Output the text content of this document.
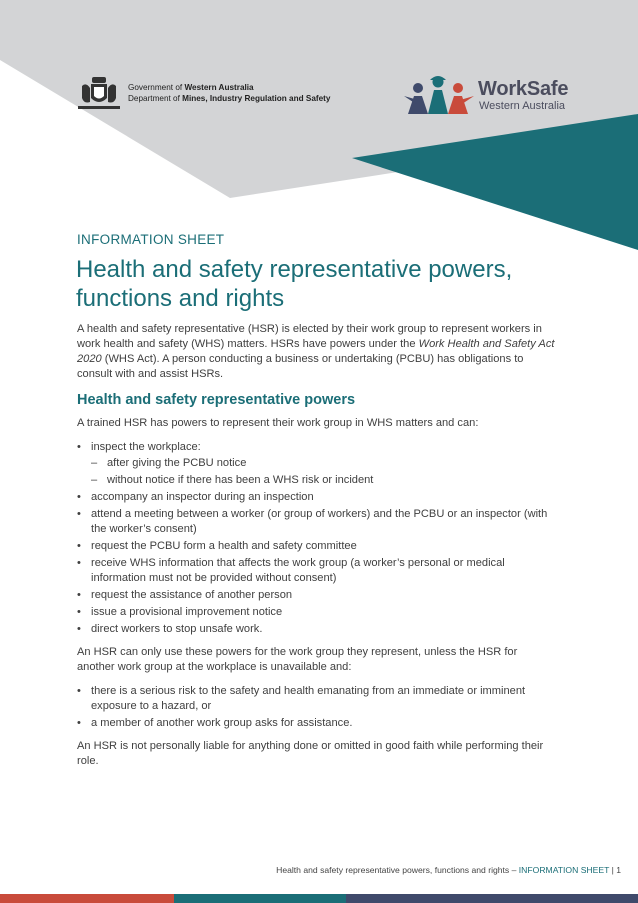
Government of Western Australia
Department of Mines, Industry Regulation and Safety	WorkSafe
Western Australia
INFORMATION SHEET
Health and safety representative powers, functions and rights

A health and safety representative (HSR) is elected by their work group to represent workers in work health and safety (WHS) matters. HSRs have powers under the Work Health and Safety Act 2020 (WHS Act). A person conducting a business or undertaking (PCBU) has obligations to consult with and assist HSRs.

Health and safety representative powers

A trained HSR has powers to represent their work group in WHS matters and can:

• inspect the workplace:
– after giving the PCBU notice
– without notice if there has been a WHS risk or incident
• accompany an inspector during an inspection
• attend a meeting between a worker (or group of workers) and the PCBU or an inspector (with the worker’s consent)
• request the PCBU form a health and safety committee
• receive WHS information that affects the work group (a worker’s personal or medical information must not be provided without consent)
• request the assistance of another person
• issue a provisional improvement notice
• direct workers to stop unsafe work.

An HSR can only use these powers for the work group they represent, unless the HSR for another work group at the workplace is unavailable and:

• there is a serious risk to the safety and health emanating from an immediate or imminent exposure to a hazard, or
• a member of another work group asks for assistance.

An HSR is not personally liable for anything done or omitted in good faith while performing their role.

Health and safety representative powers, functions and rights – INFORMATION SHEET | 1
